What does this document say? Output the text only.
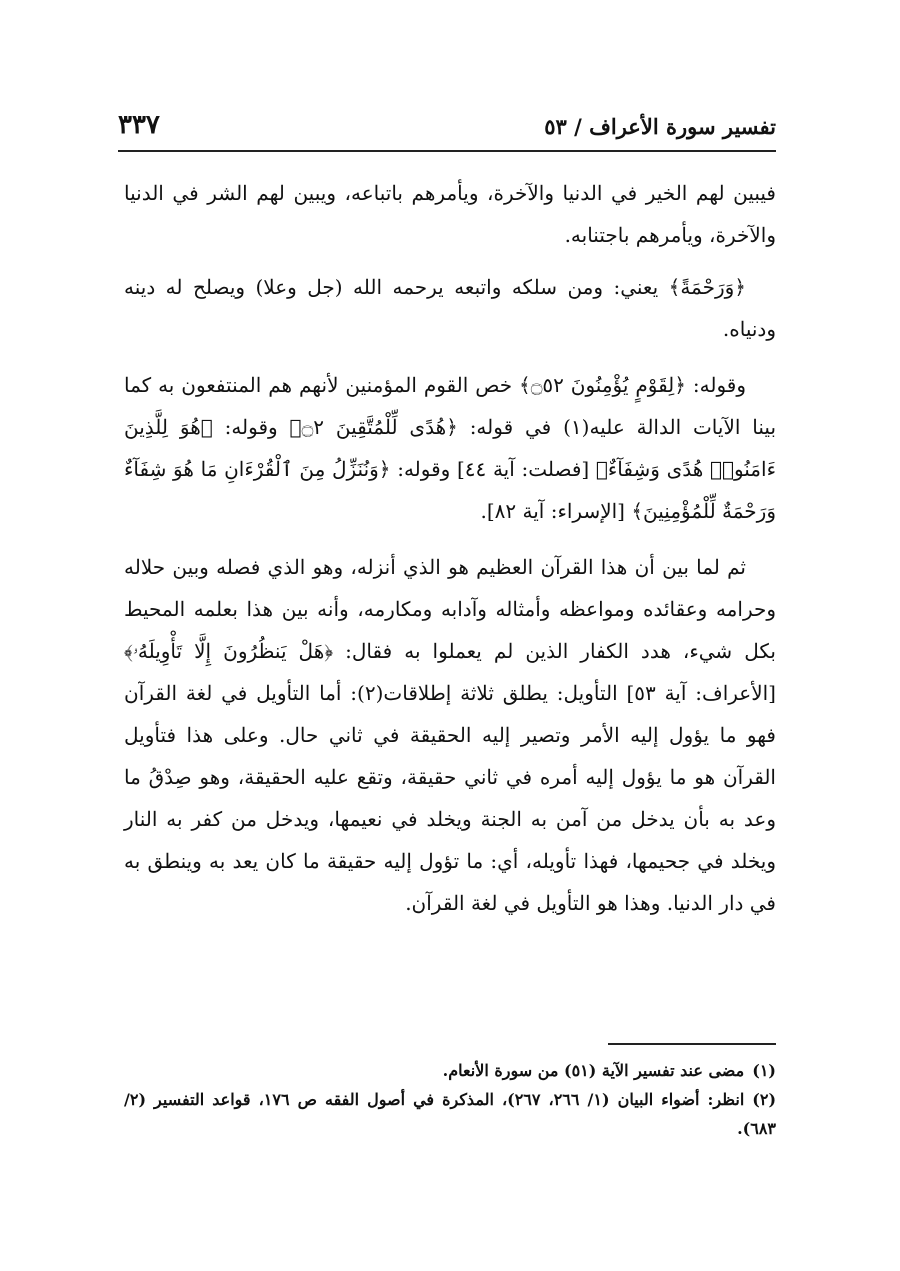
تفسير سورة الأعراف / ٥٣
٣٣٧

فيبين لهم الخير في الدنيا والآخرة، ويأمرهم باتباعه، ويبين لهم الشر في الدنيا والآخرة، ويأمرهم باجتنابه.

﴿وَرَحْمَةً﴾ يعني: ومن سلكه واتبعه يرحمه الله (جل وعلا) ويصلح له دينه ودنياه.

وقوله: ﴿لِقَوْمٍ يُؤْمِنُونَ ۝٥٢﴾ خص القوم المؤمنين لأنهم هم المنتفعون به كما بينا الآيات الدالة عليه(١) في قوله: ﴿هُدًى لِّلْمُتَّقِينَ ۝٢﴾ وقوله: ﴿هُوَ لِلَّذِينَ ءَامَنُوا۟ هُدًى وَشِفَآءٌ﴾ [فصلت: آية ٤٤] وقوله: ﴿وَنُنَزِّلُ مِنَ ٱلْقُرْءَانِ مَا هُوَ شِفَآءٌ وَرَحْمَةٌ لِّلْمُؤْمِنِينَ﴾ [الإسراء: آية ٨٢].

ثم لما بين أن هذا القرآن العظيم هو الذي أنزله، وهو الذي فصله وبين حلاله وحرامه وعقائده ومواعظه وأمثاله وآدابه ومكارمه، وأنه بين هذا بعلمه المحيط بكل شيء، هدد الكفار الذين لم يعملوا به فقال: ﴿هَلْ يَنظُرُونَ إِلَّا تَأْوِيلَهُۥ﴾ [الأعراف: آية ٥٣] التأويل: يطلق ثلاثة إطلاقات(٢): أما التأويل في لغة القرآن فهو ما يؤول إليه الأمر وتصير إليه الحقيقة في ثاني حال. وعلى هذا فتأويل القرآن هو ما يؤول إليه أمره في ثاني حقيقة، وتقع عليه الحقيقة، وهو صِدْقُ ما وعد به بأن يدخل من آمن به الجنة ويخلد في نعيمها، ويدخل من كفر به النار ويخلد في جحيمها، فهذا تأويله، أي: ما تؤول إليه حقيقة ما كان يعد به وينطق به في دار الدنيا. وهذا هو التأويل في لغة القرآن.

(١)مضى عند تفسير الآية (٥١) من سورة الأنعام.

(٢)انظر: أضواء البيان (١/ ٢٦٦، ٢٦٧)، المذكرة في أصول الفقه ص ١٧٦، قواعد التفسير (٢/ ٦٨٣).
